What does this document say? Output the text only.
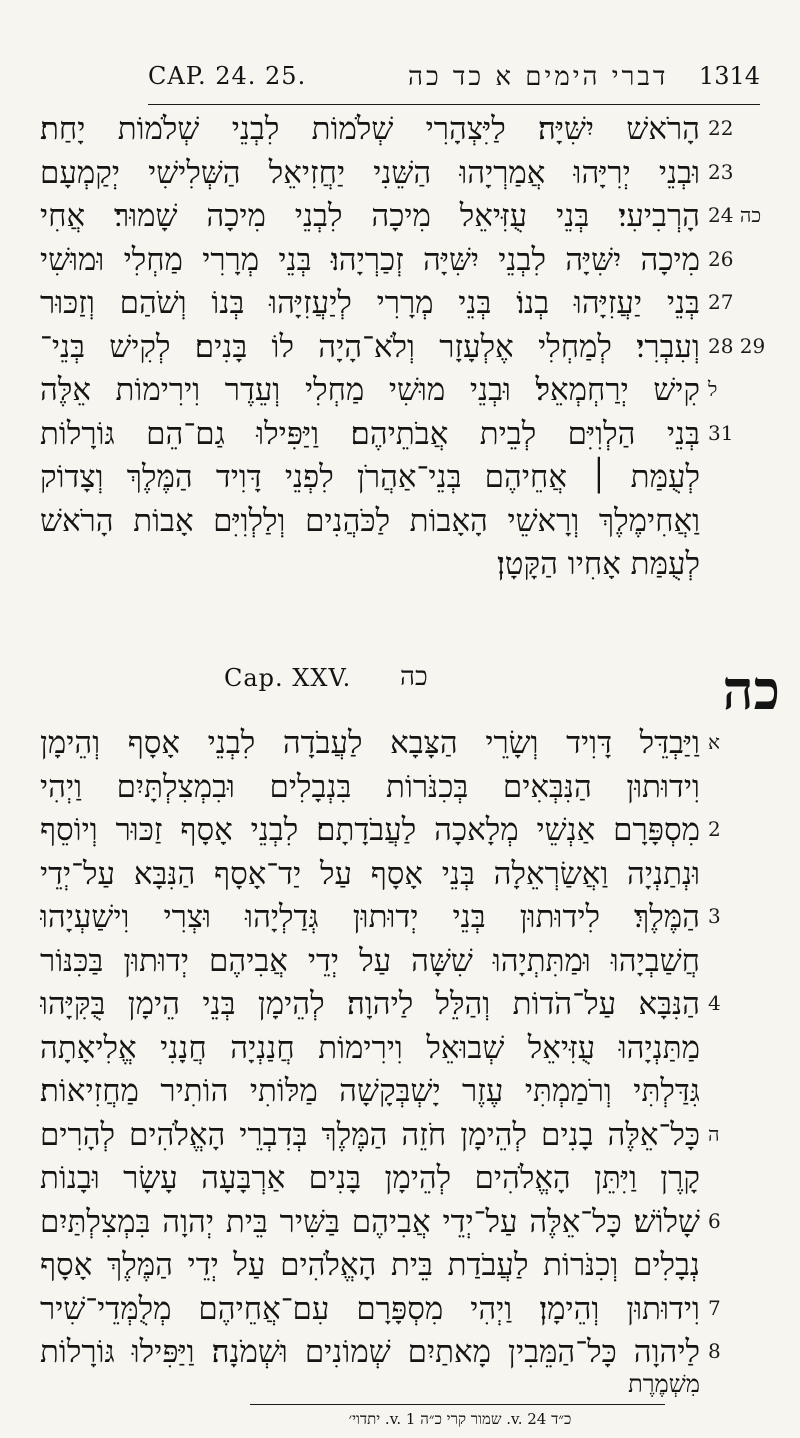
CAP. 24. 25.	דברי הימים א כד כה 1314
הָרֹאשׁ יִשִּׁיָּה׃ לַיִּצְהָרִי שְׁלֹמוֹת לִבְנֵי שְׁלֹמוֹת יָחַת׃ 22
וּבְנֵי יְרִיָּהוּ אֲמַרְיָהוּ הַשֵּׁנִי יַחֲזִיאֵל הַשְּׁלִישִׁי יְקַמְעָם 23
הָרְבִיעִי׃ בְּנֵי עֻזִּיאֵל מִיכָה לִבְנֵי מִיכָה שָׁמוּר׃ אֲחִי 24 כה
מִיכָה יִשִּׁיָּה לִבְנֵי יִשִּׁיָּה זְכַרְיָהוּ׃ בְּנֵי מְרָרִי מַחְלִי וּמוּשִׁי 26
בְּנֵי יַעֲזִיָּהוּ בְנוֹ׃ בְּנֵי מְרָרִי לְיַעֲזִיָּהוּ בְּנוֹ וְשֹׁהַם וְזַכּוּר 27
וְעִבְרִי׃ לְמַחְלִי אֶלְעָזָר וְלֹא־הָיָה לוֹ בָּנִים׃ לְקִישׁ בְּנֵי־ 28 29
קִישׁ יְרַחְמְאֵל׃ וּבְנֵי מוּשִׁי מַחְלִי וְעֵדֶר וִירִימוֹת אֵלֶּה ל
בְּנֵי הַלְוִיִּם לְבֵית אֲבֹתֵיהֶם׃ וַיַּפִּילוּ גַם־הֵם גּוֹרָלוֹת 31
לְעֻמַּת ׀ אֲחֵיהֶם בְּנֵי־אַהֲרֹן לִפְנֵי דָּוִיד הַמֶּלֶךְ וְצָדוֹק
וַאֲחִימֶלֶךְ וְרָאשֵׁי הָאָבוֹת לַכֹּהֲנִים וְלַלְוִיִּם אָבוֹת הָרֹאשׁ
לְעֻמַּת אָחִיו הַקָּטָן׃
Cap. XXV. כה	כה
וַיַּבְדֵּל דָּוִיד וְשָׂרֵי הַצָּבָא לַעֲבֹדָה לִבְנֵי אָסָף וְהֵימָן א
וִידוּתוּן הַנִּבְּאִים בְּכִנֹּרוֹת בִּנְבָלִים וּבִמְצִלְתָּיִם וַיְהִי
מִסְפָּרָם אַנְשֵׁי מְלָאכָה לַעֲבֹדָתָם׃ לִבְנֵי אָסָף זַכּוּר וְיוֹסֵף 2
וּנְתַנְיָה וַאֲשַׂרְאֵלָה בְּנֵי אָסָף עַל יַד־אָסָף הַנִּבָּא עַל־יְדֵי
הַמֶּלֶךְ׃ לִידוּתוּן בְּנֵי יְדוּתוּן גְּדַלְיָהוּ וּצְרִי וִישַׁעְיָהוּ 3
חֲשַׁבְיָהוּ וּמַתִּתְיָהוּ שִׁשָּׁה עַל יְדֵי אֲבִיהֶם יְדוּתוּן בַּכִּנּוֹר
הַנִּבָּא עַל־הֹדוֹת וְהַלֵּל לַיהוָה׃ לְהֵימָן בְּנֵי הֵימָן בֻּקִּיָּהוּ 4
מַתַּנְיָהוּ עֻזִּיאֵל שְׁבוּאֵל וִירִימוֹת חֲנַנְיָה חֲנָנִי אֱלִיאָתָה
גִּדַּלְתִּי וְרֹמַמְתִּי עֶזֶר יָשְׁבְּקָשָׁה מַלּוֹתִי הוֹתִיר מַחֲזִיאוֹת׃
כָּל־אֵלֶּה בָנִים לְהֵימָן חֹזֵה הַמֶּלֶךְ בְּדִבְרֵי הָאֱלֹהִים לְהָרִים ה
קָרֶן וַיִּתֵּן הָאֱלֹהִים לְהֵימָן בָּנִים אַרְבָּעָה עָשָׂר וּבָנוֹת
שָׁלוֹשׁ׃ כָּל־אֵלֶּה עַל־יְדֵי אֲבִיהֶם בַּשִּׁיר בֵּית יְהוָה בִּמְצִלְתַּיִם 6
נְבָלִים וְכִנֹּרוֹת לַעֲבֹדַת בֵּית הָאֱלֹהִים עַל יְדֵי הַמֶּלֶךְ אָסָף
וִידוּתוּן וְהֵימָן׃ וַיְהִי מִסְפָּרָם עִם־אֲחֵיהֶם מְלֻמְּדֵי־שִׁיר 7
לַיהוָה כָּל־הַמֵּבִין מָאתַיִם שְׁמוֹנִים וּשְׁמֹנָה׃ וַיַּפִּילוּ גּוֹרָלוֹת 8
מִשְׁמֶרֶת
כ״ד v. 24. שמור קרי כ״ה v. 1. יתדוי׳
